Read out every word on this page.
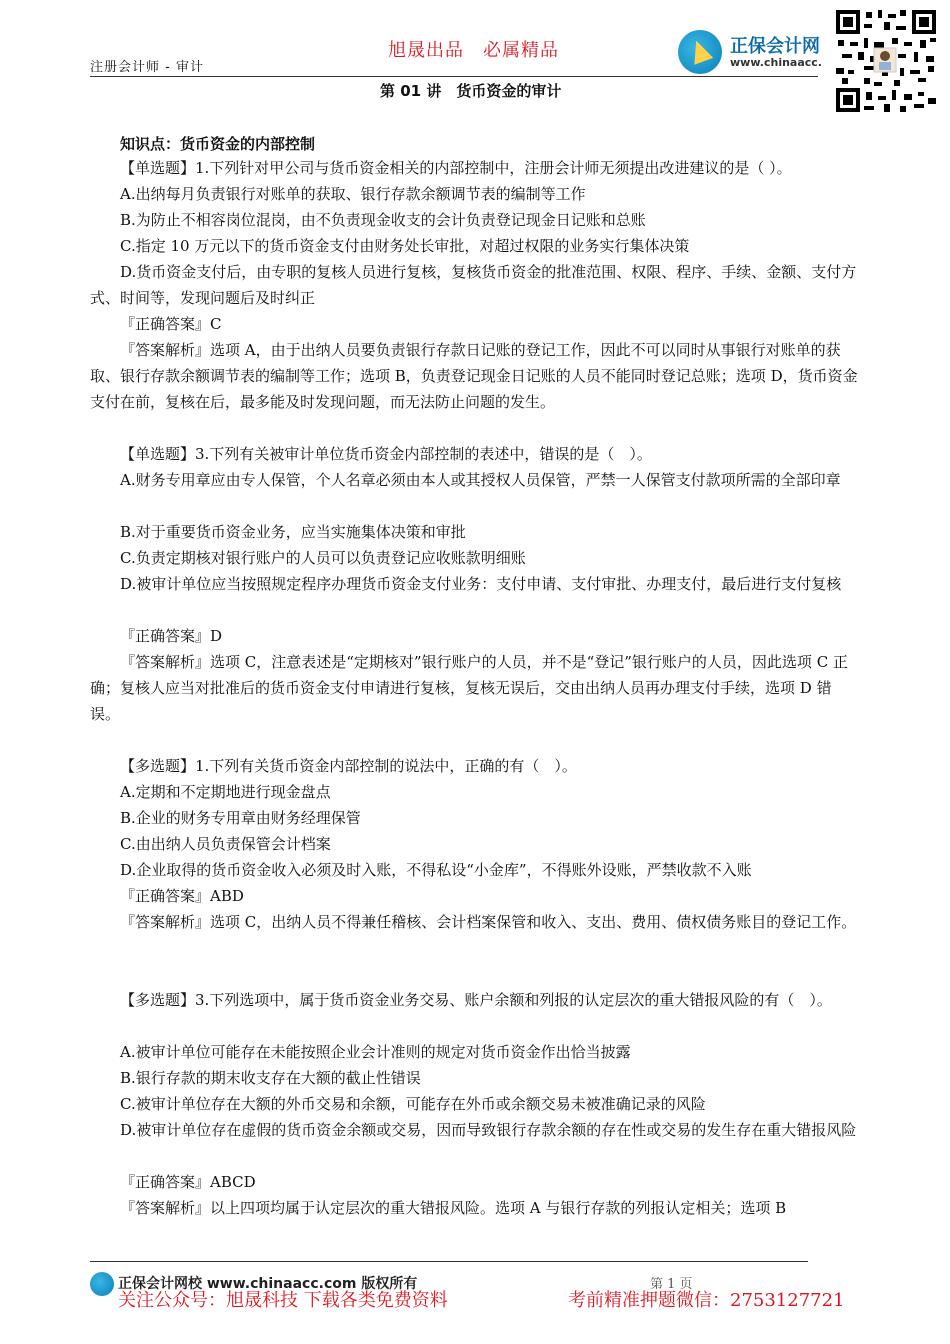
注册会计师 - 审计
旭晟出品　必属精品	正保会计网
www.chinaacc.
第 01 讲　货币资金的审计
知识点：货币资金的内部控制
【单选题】1.下列针对甲公司与货币资金相关的内部控制中，注册会计师无须提出改进建议的是（ ）。
A.出纳每月负责银行对账单的获取、银行存款余额调节表的编制等工作
B.为防止不相容岗位混岗，由不负责现金收支的会计负责登记现金日记账和总账
C.指定 10 万元以下的货币资金支付由财务处长审批，对超过权限的业务实行集体决策
D.货币资金支付后，由专职的复核人员进行复核，复核货币资金的批准范围、权限、程序、手续、金额、支付方式、时间等，发现问题后及时纠正
『正确答案』C
『答案解析』选项 A，由于出纳人员要负责银行存款日记账的登记工作，因此不可以同时从事银行对账单的获取、银行存款余额调节表的编制等工作；选项 B，负责登记现金日记账的人员不能同时登记总账；选项 D，货币资金支付在前，复核在后，最多能及时发现问题，而无法防止问题的发生。
【单选题】3.下列有关被审计单位货币资金内部控制的表述中，错误的是（　）。
A.财务专用章应由专人保管，个人名章必须由本人或其授权人员保管，严禁一人保管支付款项所需的全部印章
B.对于重要货币资金业务，应当实施集体决策和审批
C.负责定期核对银行账户的人员可以负责登记应收账款明细账
D.被审计单位应当按照规定程序办理货币资金支付业务：支付申请、支付审批、办理支付，最后进行支付复核
『正确答案』D
『答案解析』选项 C，注意表述是“定期核对”银行账户的人员，并不是“登记”银行账户的人员，因此选项 C 正确；复核人应当对批准后的货币资金支付申请进行复核，复核无误后，交由出纳人员再办理支付手续，选项 D 错误。
【多选题】1.下列有关货币资金内部控制的说法中，正确的有（　）。
A.定期和不定期地进行现金盘点
B.企业的财务专用章由财务经理保管
C.由出纳人员负责保管会计档案
D.企业取得的货币资金收入必须及时入账，不得私设“小金库”，不得账外设账，严禁收款不入账
『正确答案』ABD
『答案解析』选项 C，出纳人员不得兼任稽核、会计档案保管和收入、支出、费用、债权债务账目的登记工作。
【多选题】3.下列选项中，属于货币资金业务交易、账户余额和列报的认定层次的重大错报风险的有（　）。
A.被审计单位可能存在未能按照企业会计准则的规定对货币资金作出恰当披露
B.银行存款的期末收支存在大额的截止性错误
C.被审计单位存在大额的外币交易和余额，可能存在外币或余额交易未被准确记录的风险
D.被审计单位存在虚假的货币资金余额或交易，因而导致银行存款余额的存在性或交易的发生存在重大错报风险
『正确答案』ABCD
『答案解析』以上四项均属于认定层次的重大错报风险。选项 A 与银行存款的列报认定相关；选项 B
正保会计网校 www.chinaacc.com 版权所有	第 1 页
关注公众号：旭晟科技 下载各类免费资料	考前精准押题微信：2753127721
